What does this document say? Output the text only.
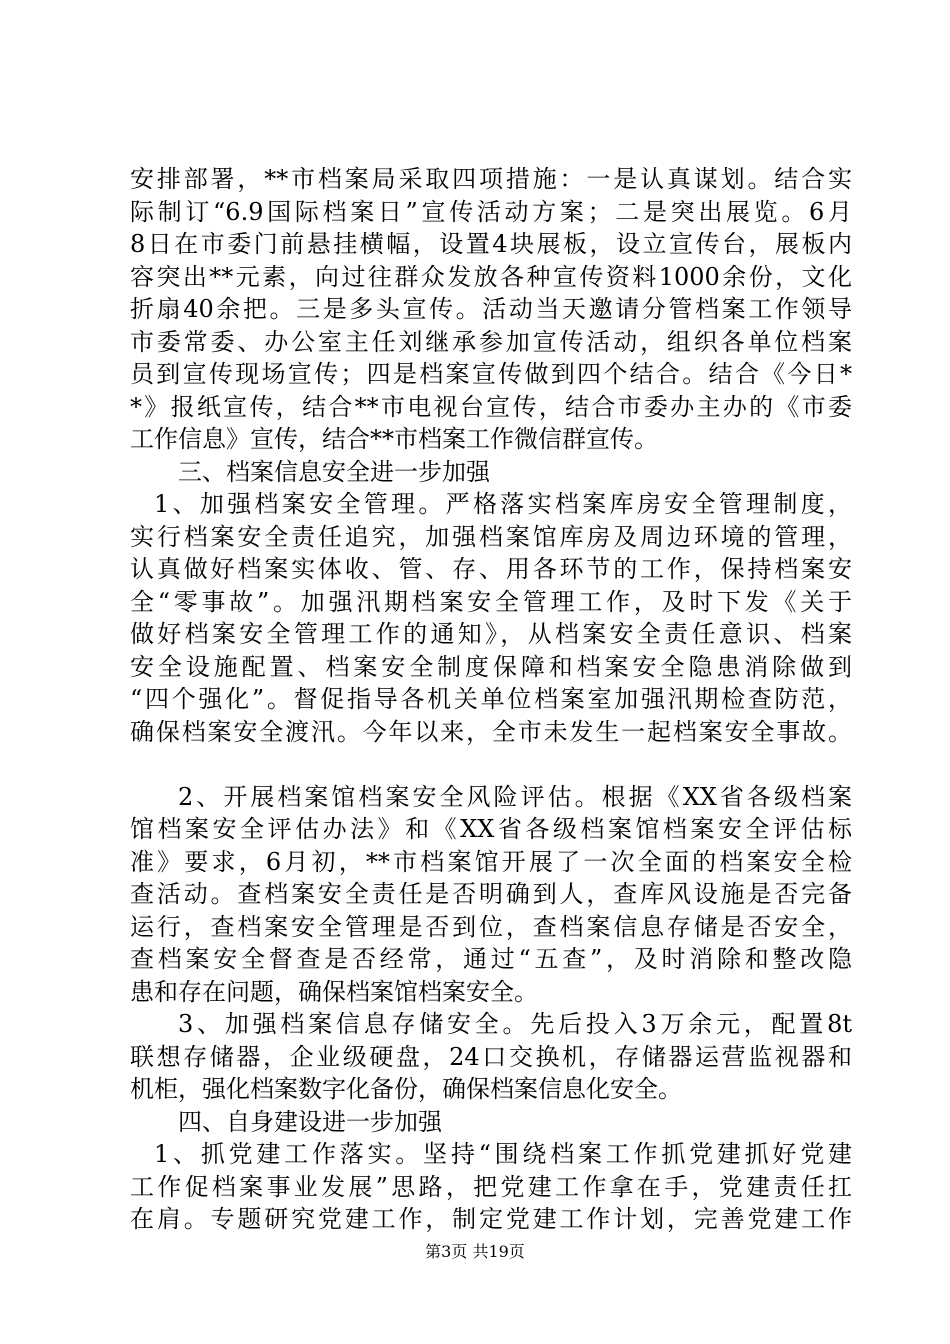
安排部署，**市档案局采取四项措施：一是认真谋划。结合实
际制订“6.9国际档案日”宣传活动方案；二是突出展览。6月
8日在市委门前悬挂横幅，设置4块展板，设立宣传台，展板内
容突出**元素，向过往群众发放各种宣传资料1000余份，文化
折扇40余把。三是多头宣传。活动当天邀请分管档案工作领导
市委常委、办公室主任刘继承参加宣传活动，组织各单位档案
员到宣传现场宣传；四是档案宣传做到四个结合。结合《今日*
*》报纸宣传，结合**市电视台宣传，结合市委办主办的《市委
工作信息》宣传，结合**市档案工作微信群宣传。
三、档案信息安全进一步加强
1、加强档案安全管理。严格落实档案库房安全管理制度，
实行档案安全责任追究，加强档案馆库房及周边环境的管理，
认真做好档案实体收、管、存、用各环节的工作，保持档案安
全“零事故”。加强汛期档案安全管理工作，及时下发《关于
做好档案安全管理工作的通知》，从档案安全责任意识、档案
安全设施配置、档案安全制度保障和档案安全隐患消除做到
“四个强化”。督促指导各机关单位档案室加强汛期检查防范，
确保档案安全渡汛。今年以来，全市未发生一起档案安全事故。
2、开展档案馆档案安全风险评估。根据《XX省各级档案
馆档案安全评估办法》和《XX省各级档案馆档案安全评估标
准》要求，6月初，**市档案馆开展了一次全面的档案安全检
查活动。查档案安全责任是否明确到人，查库风设施是否完备
运行，查档案安全管理是否到位，查档案信息存储是否安全，
查档案安全督查是否经常，通过“五查”，及时消除和整改隐
患和存在问题，确保档案馆档案安全。
3、加强档案信息存储安全。先后投入3万余元，配置8t
联想存储器，企业级硬盘，24口交换机，存储器运营监视器和
机柜，强化档案数字化备份，确保档案信息化安全。
四、自身建设进一步加强
1、抓党建工作落实。坚持“围绕档案工作抓党建抓好党建
工作促档案事业发展”思路，把党建工作拿在手，党建责任扛
在肩。专题研究党建工作，制定党建工作计划，完善党建工作
第3页 共19页
